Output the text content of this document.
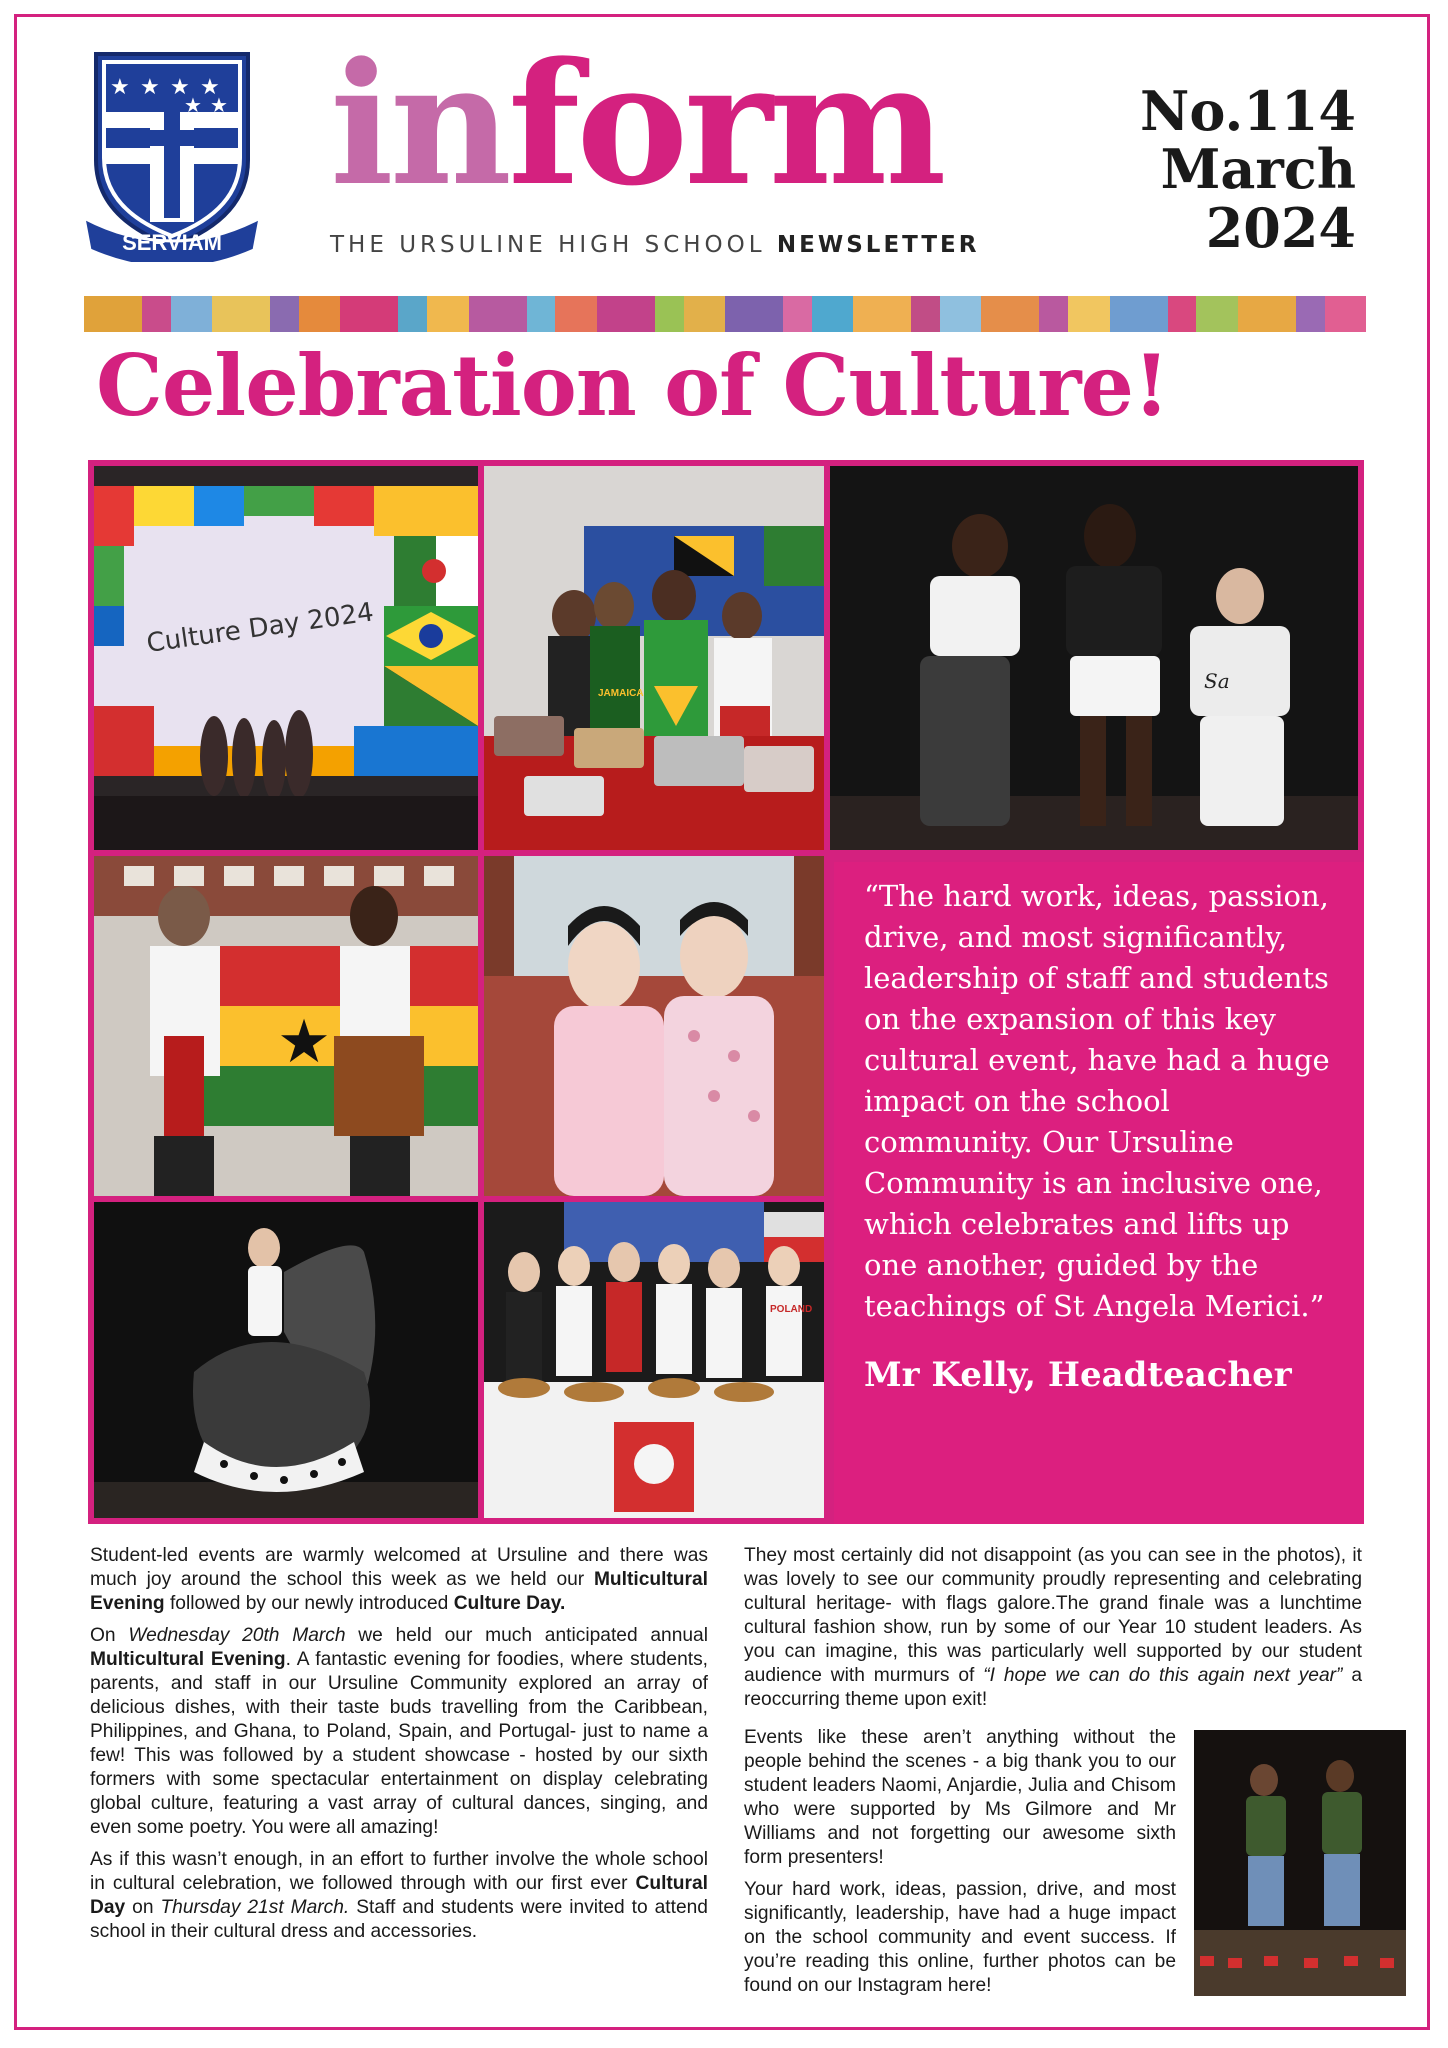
★ ★ ★ ★
★ ★
SERVIAM
inform
THE URSULINE HIGH SCHOOL NEWSLETTER
No.114
March
2024
Celebration of Culture!
Culture Day 2024
JAMAICA
Sa
★
POLAND
“The hard work, ideas, passion, drive, and most significantly, leadership of staff and students on the expansion of this key cultural event, have had a huge impact on the school community. Our Ursuline Community is an inclusive one, which celebrates and lifts up one another, guided by the teachings of St Angela Merici.”
Mr Kelly, Headteacher

Student-led events are warmly welcomed at Ursuline and there was much joy around the school this week as we held our Multicultural Evening followed by our newly introduced Culture Day.

On Wednesday 20th March we held our much anticipated annual Multicultural Evening. A fantastic evening for foodies, where students, parents, and staff in our Ursuline Community explored an array of delicious dishes, with their taste buds travelling from the Caribbean, Philippines, and Ghana, to Poland, Spain, and Portugal- just to name a few! This was followed by a student showcase - hosted by our sixth formers with some spectacular entertainment on display celebrating global culture, featuring a vast array of cultural dances, singing, and even some poetry. You were all amazing!

As if this wasn’t enough, in an effort to further involve the whole school in cultural celebration, we followed through with our first ever Cultural Day on Thursday 21st March. Staff and students were invited to attend school in their cultural dress and accessories.

They most certainly did not disappoint (as you can see in the photos), it was lovely to see our community proudly representing and celebrating cultural heritage- with flags galore.The grand finale was a lunchtime cultural fashion show, run by some of our Year 10 student leaders. As you can imagine, this was particularly well supported by our student audience with murmurs of “I hope we can do this again next year” a reoccurring theme upon exit!

Events like these aren’t anything without the people behind the scenes - a big thank you to our student leaders Naomi, Anjardie, Julia and Chisom who were supported by Ms Gilmore and Mr Williams and not forgetting our awesome sixth form presenters!

Your hard work, ideas, passion, drive, and most significantly, leadership, have had a huge impact on the school community and event success. If you’re reading this online, further photos can be found on our Instagram here!
